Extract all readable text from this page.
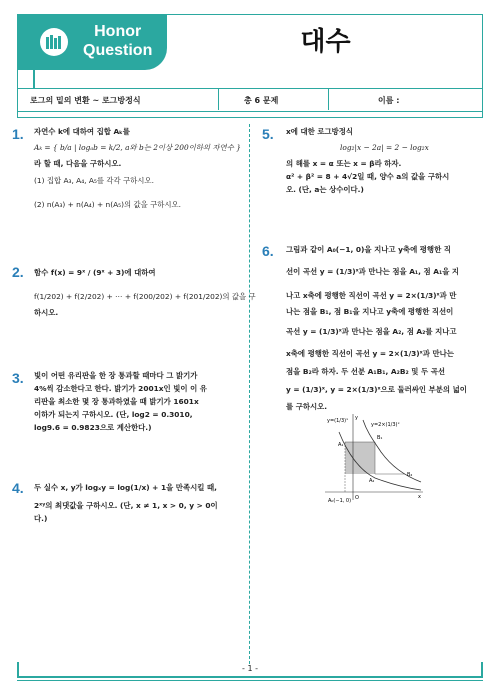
Honor
Question	대수
로그의 밑의 변환 ~ 로그방정식	총 6 문제	이름 :
1. 자연수 k에 대하여 집합 Aₖ를
Aₖ = { b/a | logₐb = k/2, a와 b는 2이상 200이하의 자연수 }
라 할 때, 다음을 구하시오.
(1) 집합 A₃, A₄, A₅를 각각 구하시오.
(2) n(A₃) + n(A₄) + n(A₅)의 값을 구하시오.
2. 함수 f(x) = 9ˣ / (9ˣ + 3)에 대하여
f(1/202) + f(2/202) + ⋯ + f(200/202) + f(201/202)의 값을 구
하시오.
3. 빛이 어떤 유리판을 한 장 통과할 때마다 그 밝기가
4%씩 감소한다고 한다. 밝기가 2001x인 빛이 이 유
리판을 최소한 몇 장 통과하였을 때 밝기가 1601x
이하가 되는지 구하시오. (단, log2 = 0.3010,
log9.6 = 0.9823으로 계산한다.)
4. 두 실수 x, y가 logₓy = log(1/x) + 1을 만족시킬 때,
2ˣʸ의 최댓값을 구하시오. (단, x ≠ 1, x > 0, y > 0이
다.)
5. x에 대한 로그방정식
log₂|x − 2a| = 2 − log₂x
의 해를 x = α 또는 x = β라 하자.
α² + β² = 8 + 4√2일 때, 양수 a의 값을 구하시
오. (단, a는 상수이다.)
6. 그림과 같이 A₀(−1, 0)을 지나고 y축에 평행한 직
선이 곡선 y = (1/3)ˣ과 만나는 점을 A₁, 점 A₁을 지
나고 x축에 평행한 직선이 곡선 y = 2×(1/3)ˣ과 만
나는 점을 B₁, 점 B₁을 지나고 y축에 평행한 직선이
곡선 y = (1/3)ˣ과 만나는 점을 A₂, 점 A₂를 지나고
x축에 평행한 직선이 곡선 y = 2×(1/3)ˣ과 만나는
점을 B₂라 하자. 두 선분 A₁B₁, A₂B₂ 및 두 곡선
y = (1/3)ˣ, y = 2×(1/3)ˣ으로 둘러싸인 부분의 넓이
를 구하시오.
y=(1/3)ˣ
y=2×(1/3)ˣ
y
x
O
A₀(−1, 0)
A₁
A₂
B₁
B₂
- 1 -
